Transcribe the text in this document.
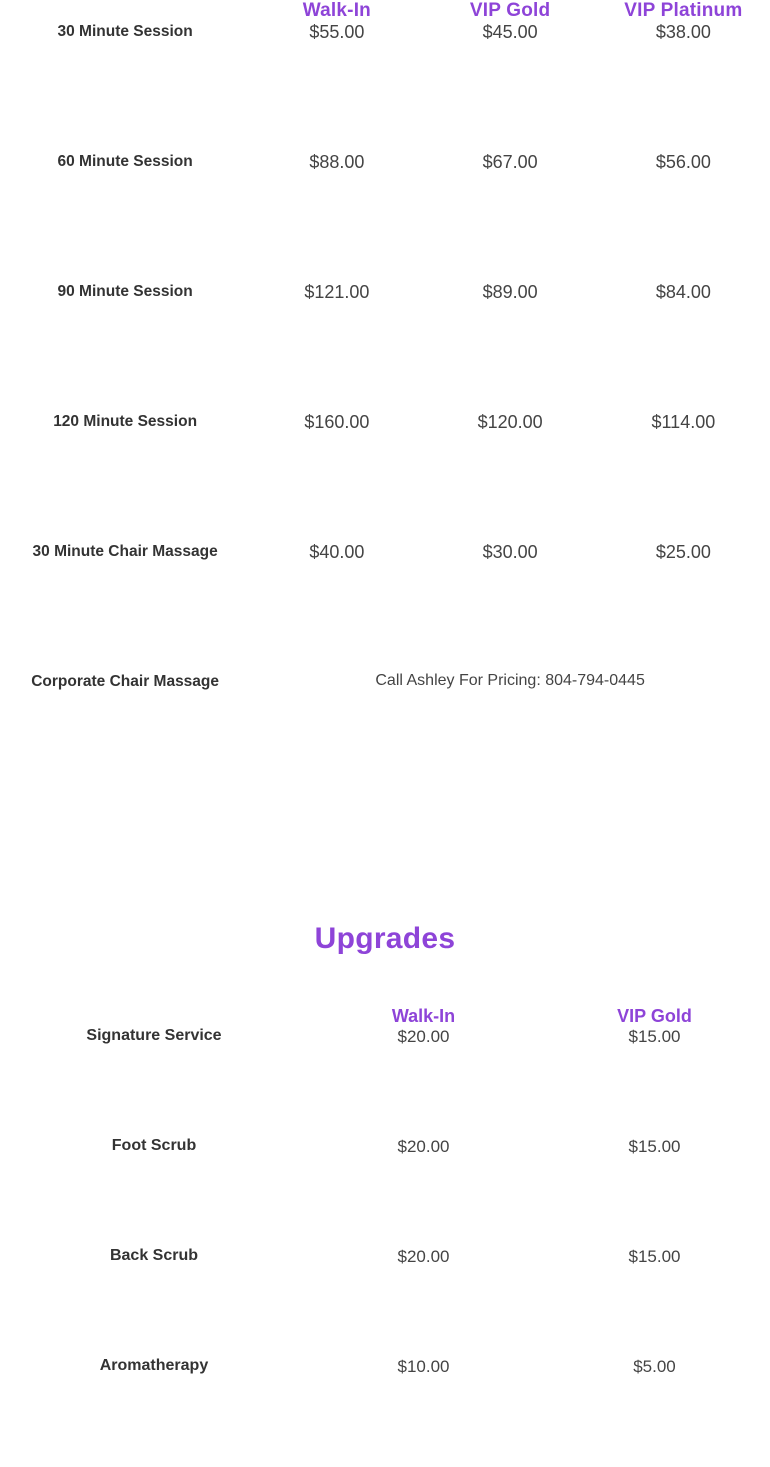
	Walk-In	VIP Gold	VIP Platinum
30 Minute Session	$55.00	$45.00	$38.00
60 Minute Session	$88.00	$67.00	$56.00
90 Minute Session	$121.00	$89.00	$84.00
120 Minute Session	$160.00	$120.00	$114.00
30 Minute Chair Massage	$40.00	$30.00	$25.00
Corporate Chair Massage	Call Ashley For Pricing: 804-794-0445		
Upgrades
	Walk-In	VIP Gold
Signature Service	$20.00	$15.00
Foot Scrub	$20.00	$15.00
Back Scrub	$20.00	$15.00
Aromatherapy	$10.00	$5.00
